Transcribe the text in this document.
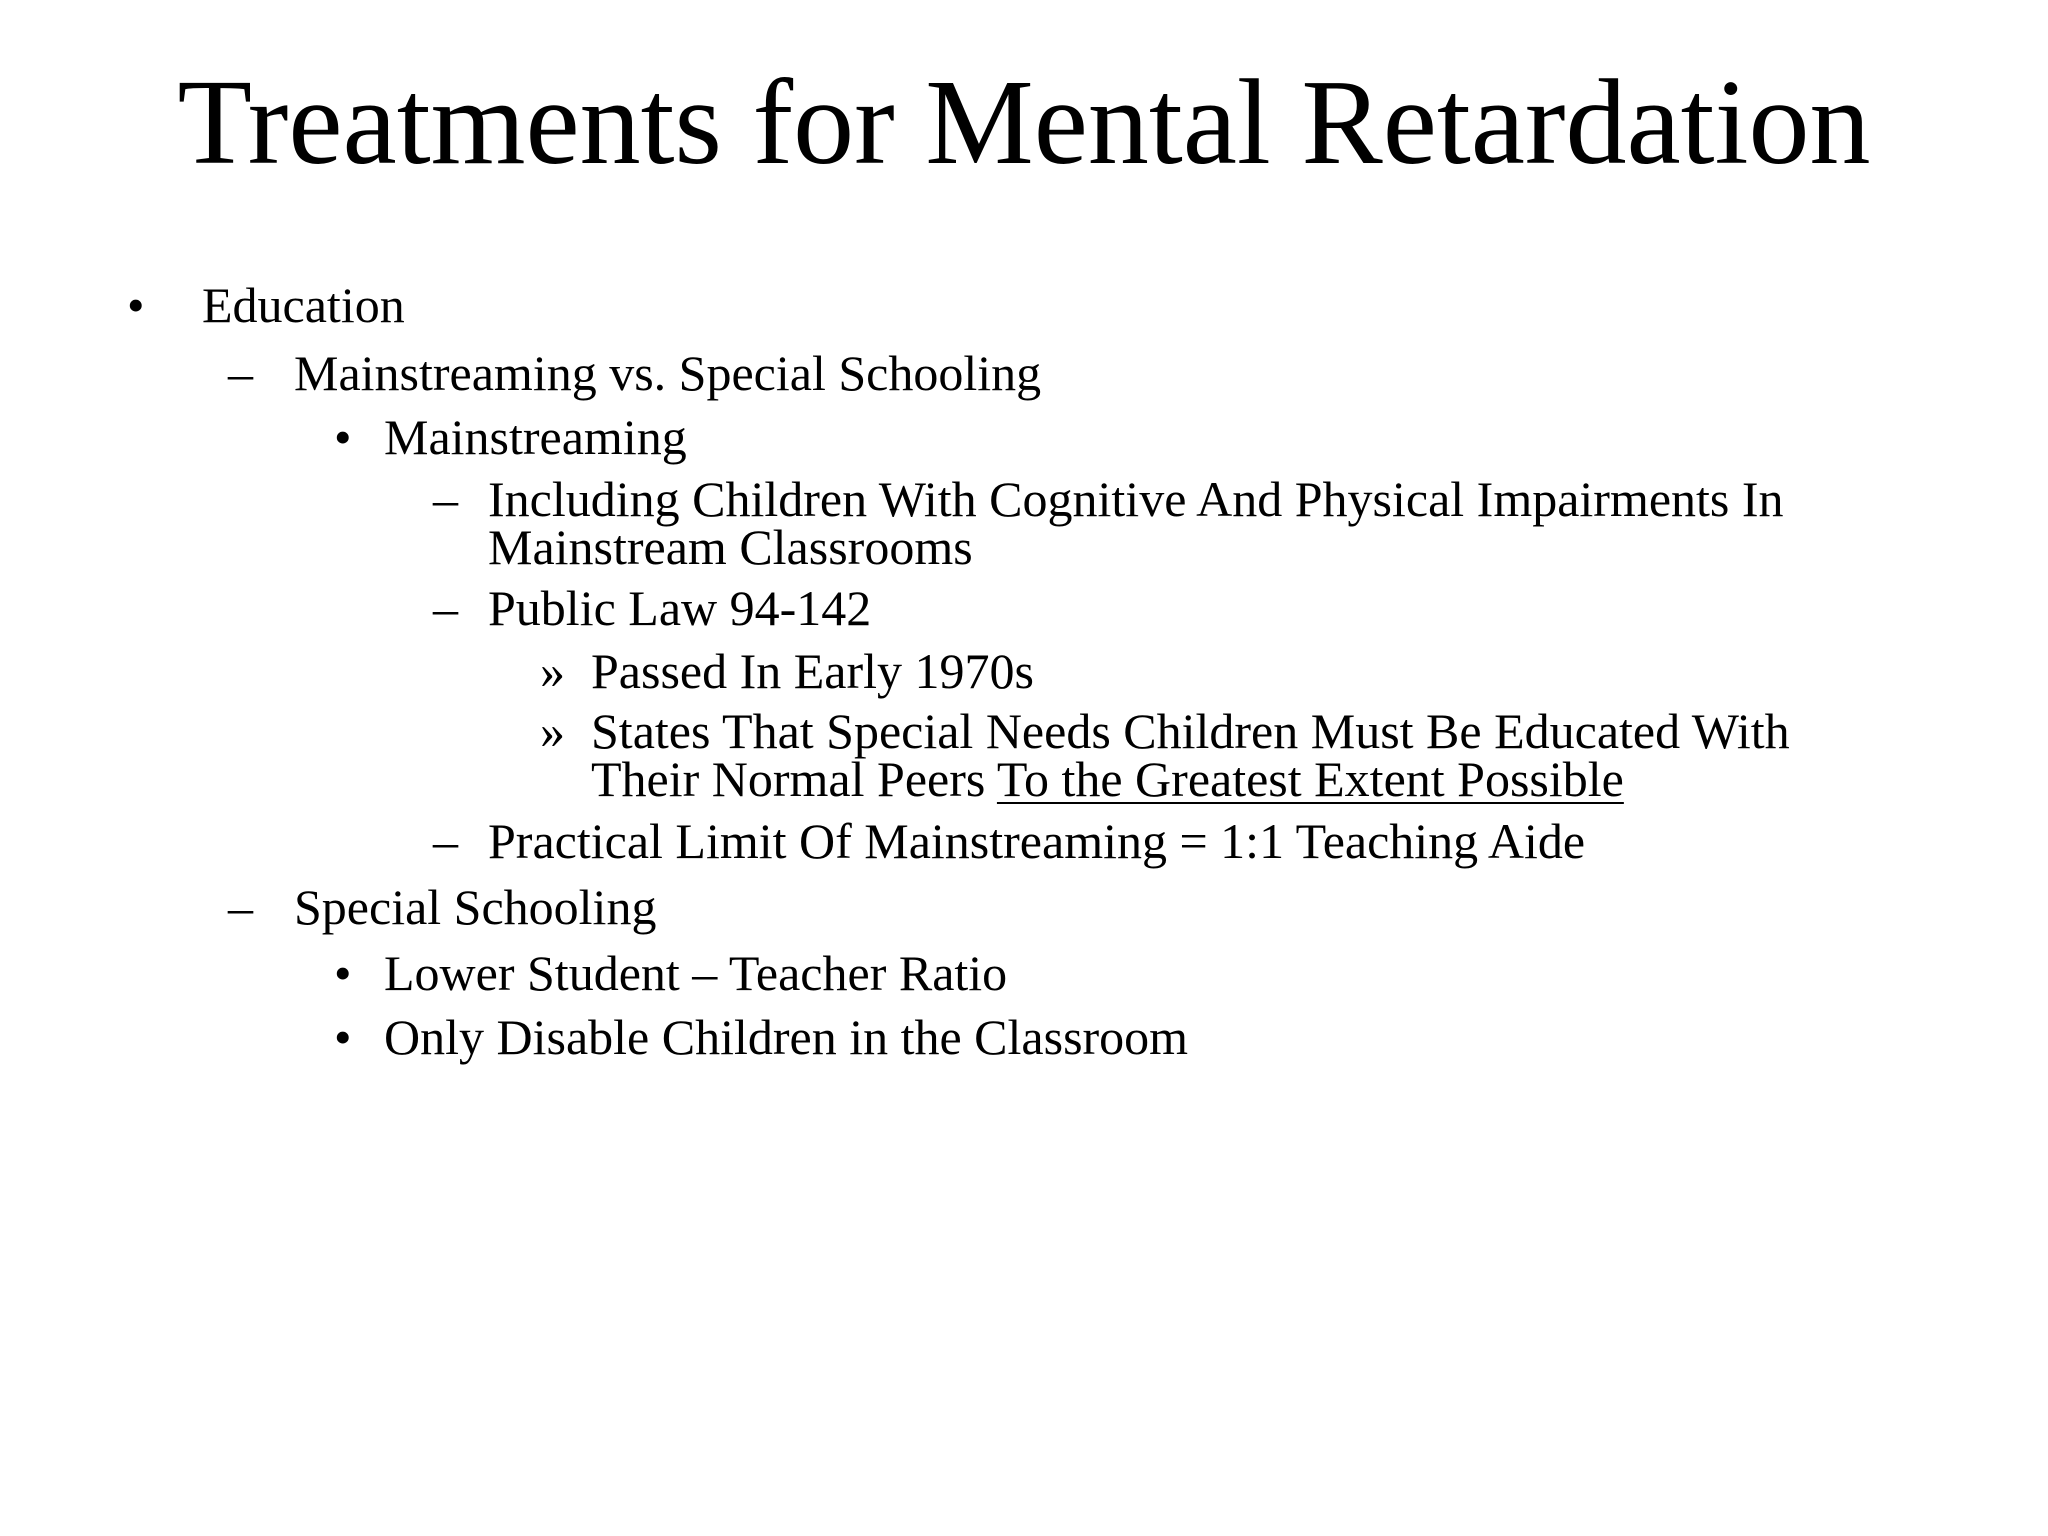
Treatments for Mental Retardation
• Education
– Mainstreaming vs. Special Schooling
• Mainstreaming
– Including Children With Cognitive And Physical Impairments In
Mainstream Classrooms
– Public Law 94-142
» Passed In Early 1970s
» States That Special Needs Children Must Be Educated With
Their Normal Peers To the Greatest Extent Possible
– Practical Limit Of Mainstreaming = 1:1 Teaching Aide
– Special Schooling
• Lower Student – Teacher Ratio
• Only Disable Children in the Classroom
